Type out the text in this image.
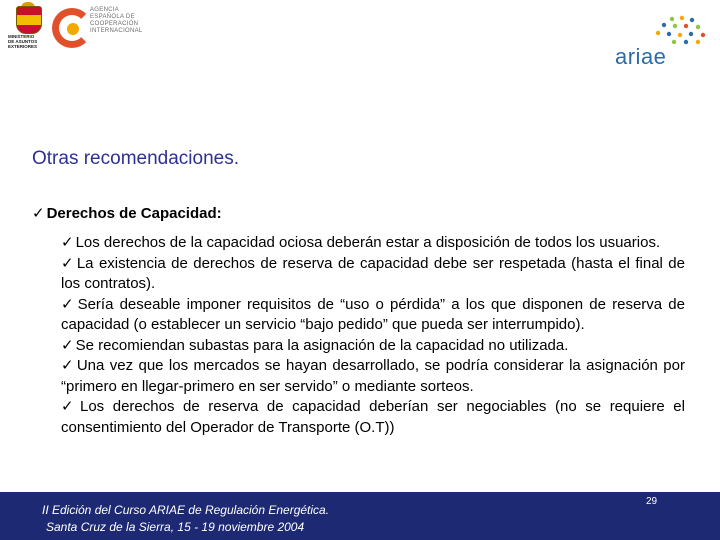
MINISTERIO
DE ASUNTOS
EXTERIORES
AGENCIA
ESPAÑOLA DE
COOPERACIÓN
INTERNACIONAL
ariae
Otras recomendaciones.
✓ Derechos de Capacidad:
✓ Los derechos de la capacidad ociosa deberán estar a disposición de todos los usuarios.
✓ La existencia de derechos de reserva de capacidad debe ser respetada (hasta el final de los contratos).
✓ Sería deseable imponer requisitos de “uso o pérdida” a los que disponen de reserva de capacidad (o establecer un servicio “bajo pedido” que pueda ser interrumpido).
✓ Se recomiendan subastas para la asignación de la capacidad no utilizada.
✓ Una vez que los mercados se hayan desarrollado, se podría considerar la asignación por “primero en llegar-primero en ser servido” o mediante sorteos.
✓ Los derechos de reserva de capacidad deberían ser negociables (no se requiere el consentimiento del Operador de Transporte (O.T))
II Edición del Curso ARIAE de Regulación Energética.
Santa Cruz de la Sierra, 15 - 19 noviembre 2004
29
